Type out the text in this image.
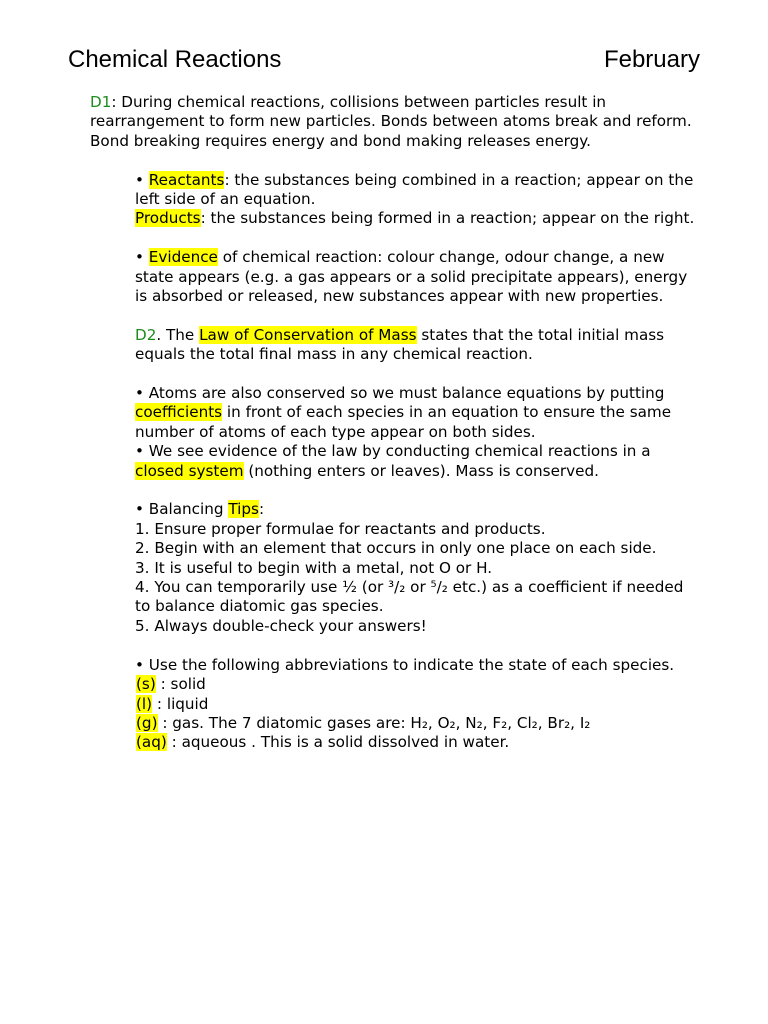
Chemical Reactions	February

D1: During chemical reactions, collisions between particles result in rearrangement to form new particles. Bonds between atoms break and reform. Bond breaking requires energy and bond making releases energy.

• Reactants: the substances being combined in a reaction; appear on the left side of an equation.

Products: the substances being formed in a reaction; appear on the right.

• Evidence of chemical reaction: colour change, odour change, a new state appears (e.g. a gas appears or a solid precipitate appears), energy is absorbed or released, new substances appear with new properties.

D2. The Law of Conservation of Mass states that the total initial mass equals the total final mass in any chemical reaction.

• Atoms are also conserved so we must balance equations by putting   coefficients in front of each species in an equation to ensure the same number of atoms of each type appear on both sides.

• We see evidence of the law by conducting chemical reactions in a closed system (nothing enters or leaves). Mass is conserved.

• Balancing Tips:

1. Ensure proper formulae for reactants and products.

2. Begin with an element that occurs in only one place on each side.

3. It is useful to begin with a metal, not O or H.

4. You can temporarily use ½ (or ³/₂ or ⁵/₂ etc.) as a coefficient if needed to balance diatomic gas species.

5. Always double-check your answers!

• Use the following abbreviations to indicate the state of each species.

(s) : solid

(l) : liquid

(g) : gas. The 7 diatomic gases are: H₂, O₂, N₂, F₂, Cl₂, Br₂, I₂

(aq) : aqueous . This is a solid dissolved in water.
